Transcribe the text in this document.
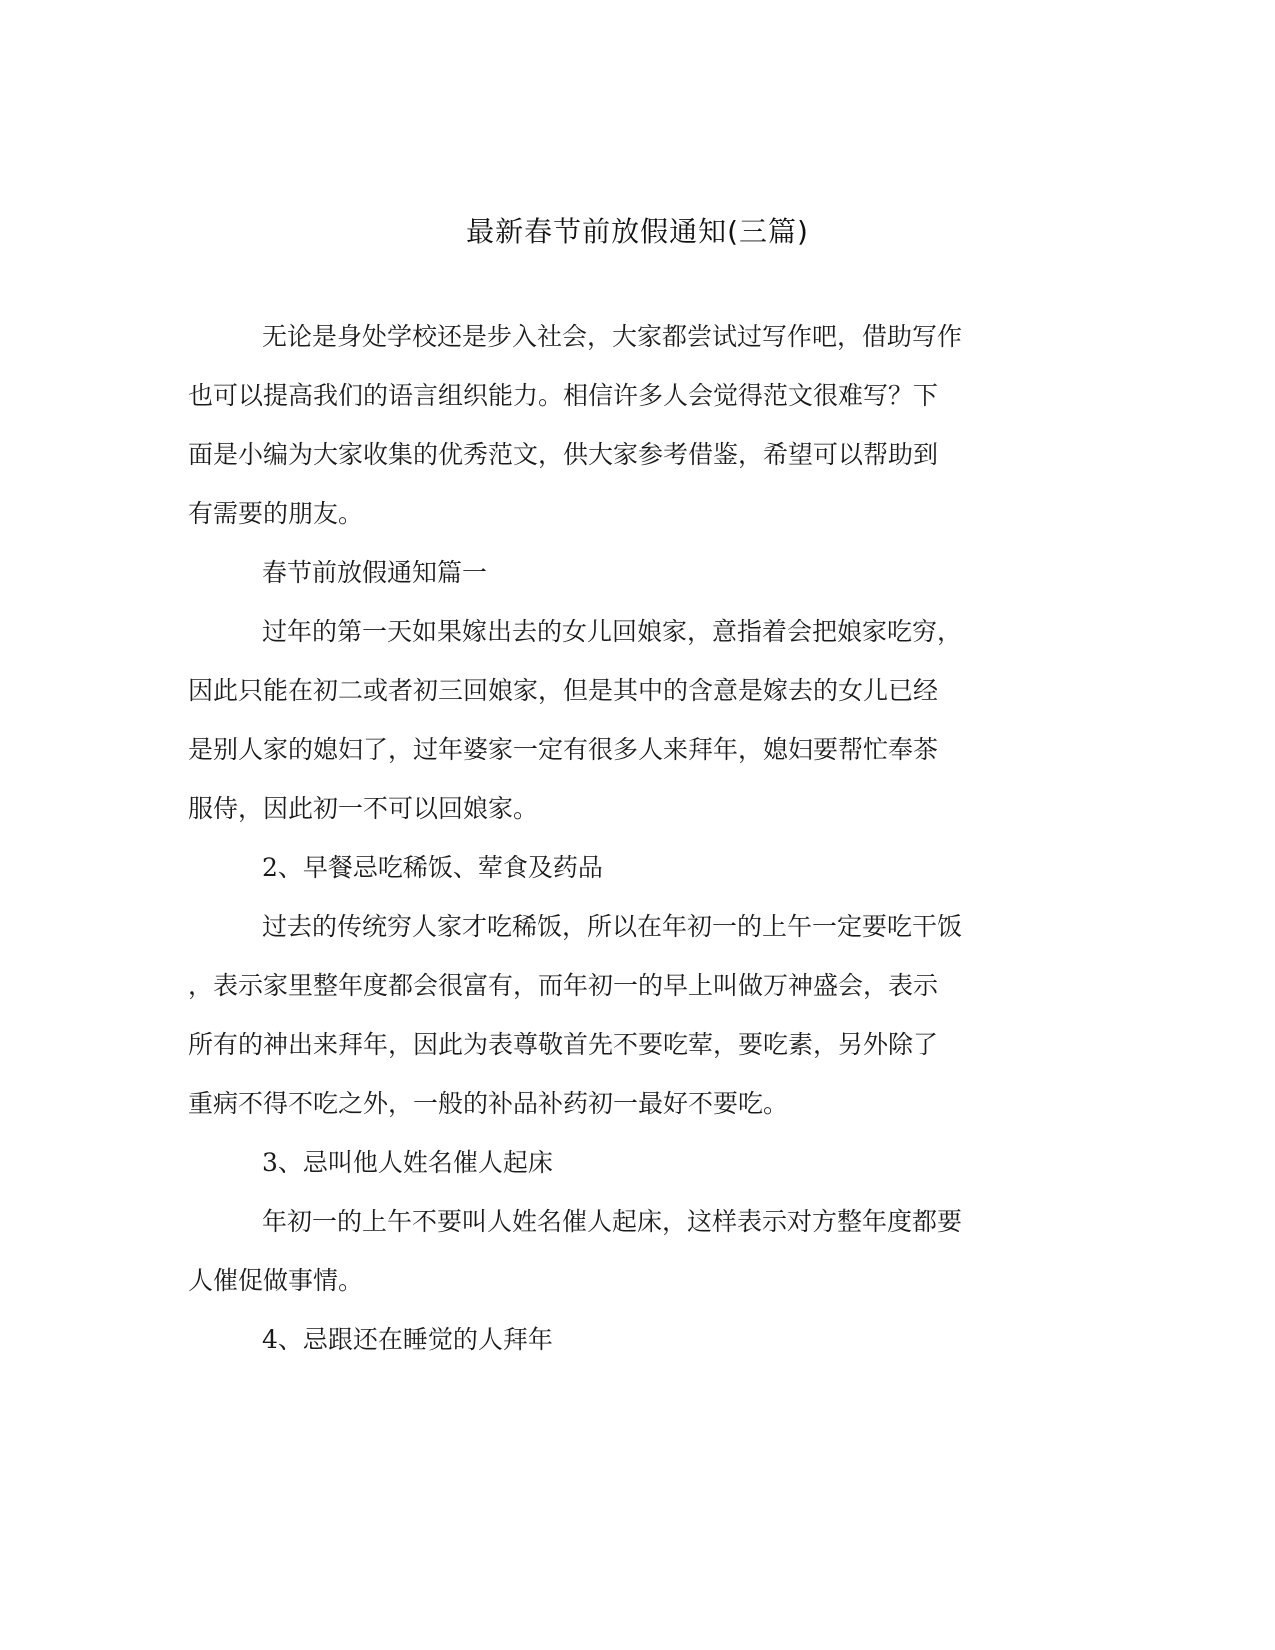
最新春节前放假通知(三篇)
无论是身处学校还是步入社会，大家都尝试过写作吧，借助写作
也可以提高我们的语言组织能力。相信许多人会觉得范文很难写？下
面是小编为大家收集的优秀范文，供大家参考借鉴，希望可以帮助到
有需要的朋友。
春节前放假通知篇一
过年的第一天如果嫁出去的女儿回娘家，意指着会把娘家吃穷，
因此只能在初二或者初三回娘家，但是其中的含意是嫁去的女儿已经
是别人家的媳妇了，过年婆家一定有很多人来拜年，媳妇要帮忙奉茶
服侍，因此初一不可以回娘家。
2、早餐忌吃稀饭、荤食及药品
过去的传统穷人家才吃稀饭，所以在年初一的上午一定要吃干饭
，表示家里整年度都会很富有，而年初一的早上叫做万神盛会，表示
所有的神出来拜年，因此为表尊敬首先不要吃荤，要吃素，另外除了
重病不得不吃之外，一般的补品补药初一最好不要吃。
3、忌叫他人姓名催人起床
年初一的上午不要叫人姓名催人起床，这样表示对方整年度都要
人催促做事情。
4、忌跟还在睡觉的人拜年
